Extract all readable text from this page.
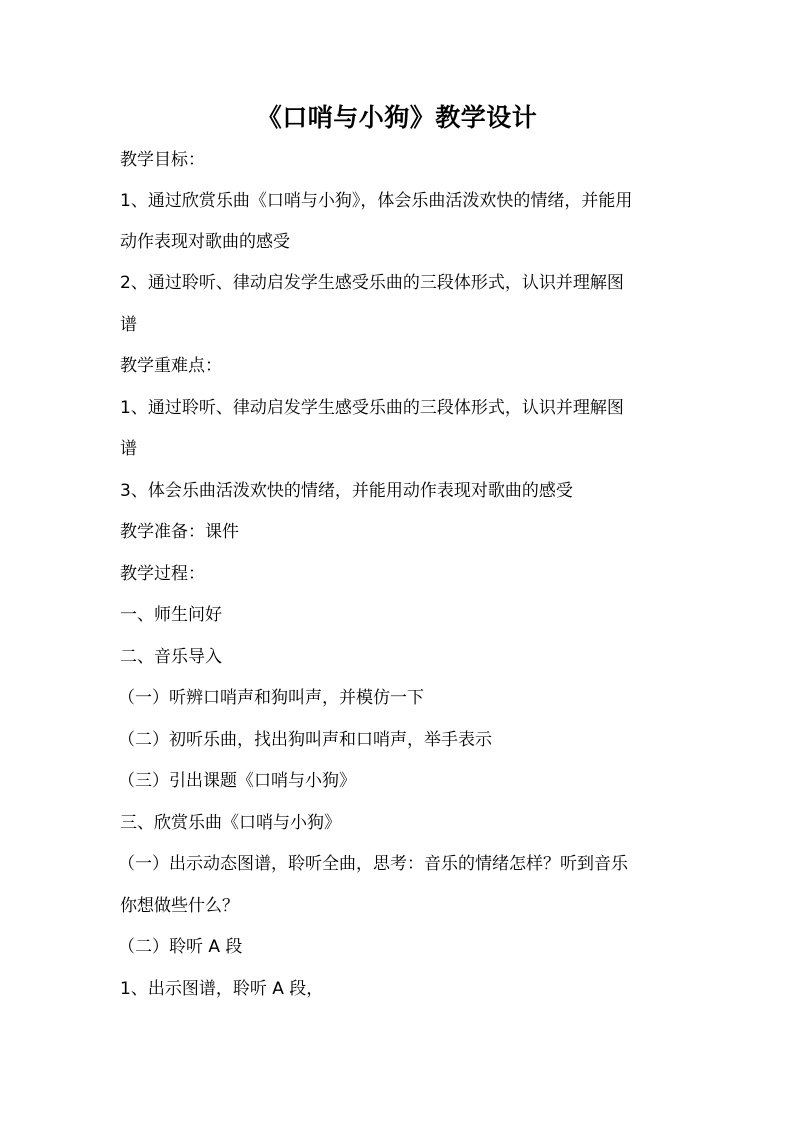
《口哨与小狗》教学设计
教学目标：
1、通过欣赏乐曲《口哨与小狗》，体会乐曲活泼欢快的情绪，并能用
动作表现对歌曲的感受
2、通过聆听、律动启发学生感受乐曲的三段体形式，认识并理解图
谱
教学重难点：
1、通过聆听、律动启发学生感受乐曲的三段体形式，认识并理解图
谱
3、体会乐曲活泼欢快的情绪，并能用动作表现对歌曲的感受
教学准备：课件
教学过程：
一、师生问好
二、音乐导入
（一）听辨口哨声和狗叫声，并模仿一下
（二）初听乐曲，找出狗叫声和口哨声，举手表示
（三）引出课题《口哨与小狗》
三、欣赏乐曲《口哨与小狗》
（一）出示动态图谱，聆听全曲，思考：音乐的情绪怎样？听到音乐
你想做些什么？
（二）聆听 A 段
1、出示图谱，聆听 A 段，
